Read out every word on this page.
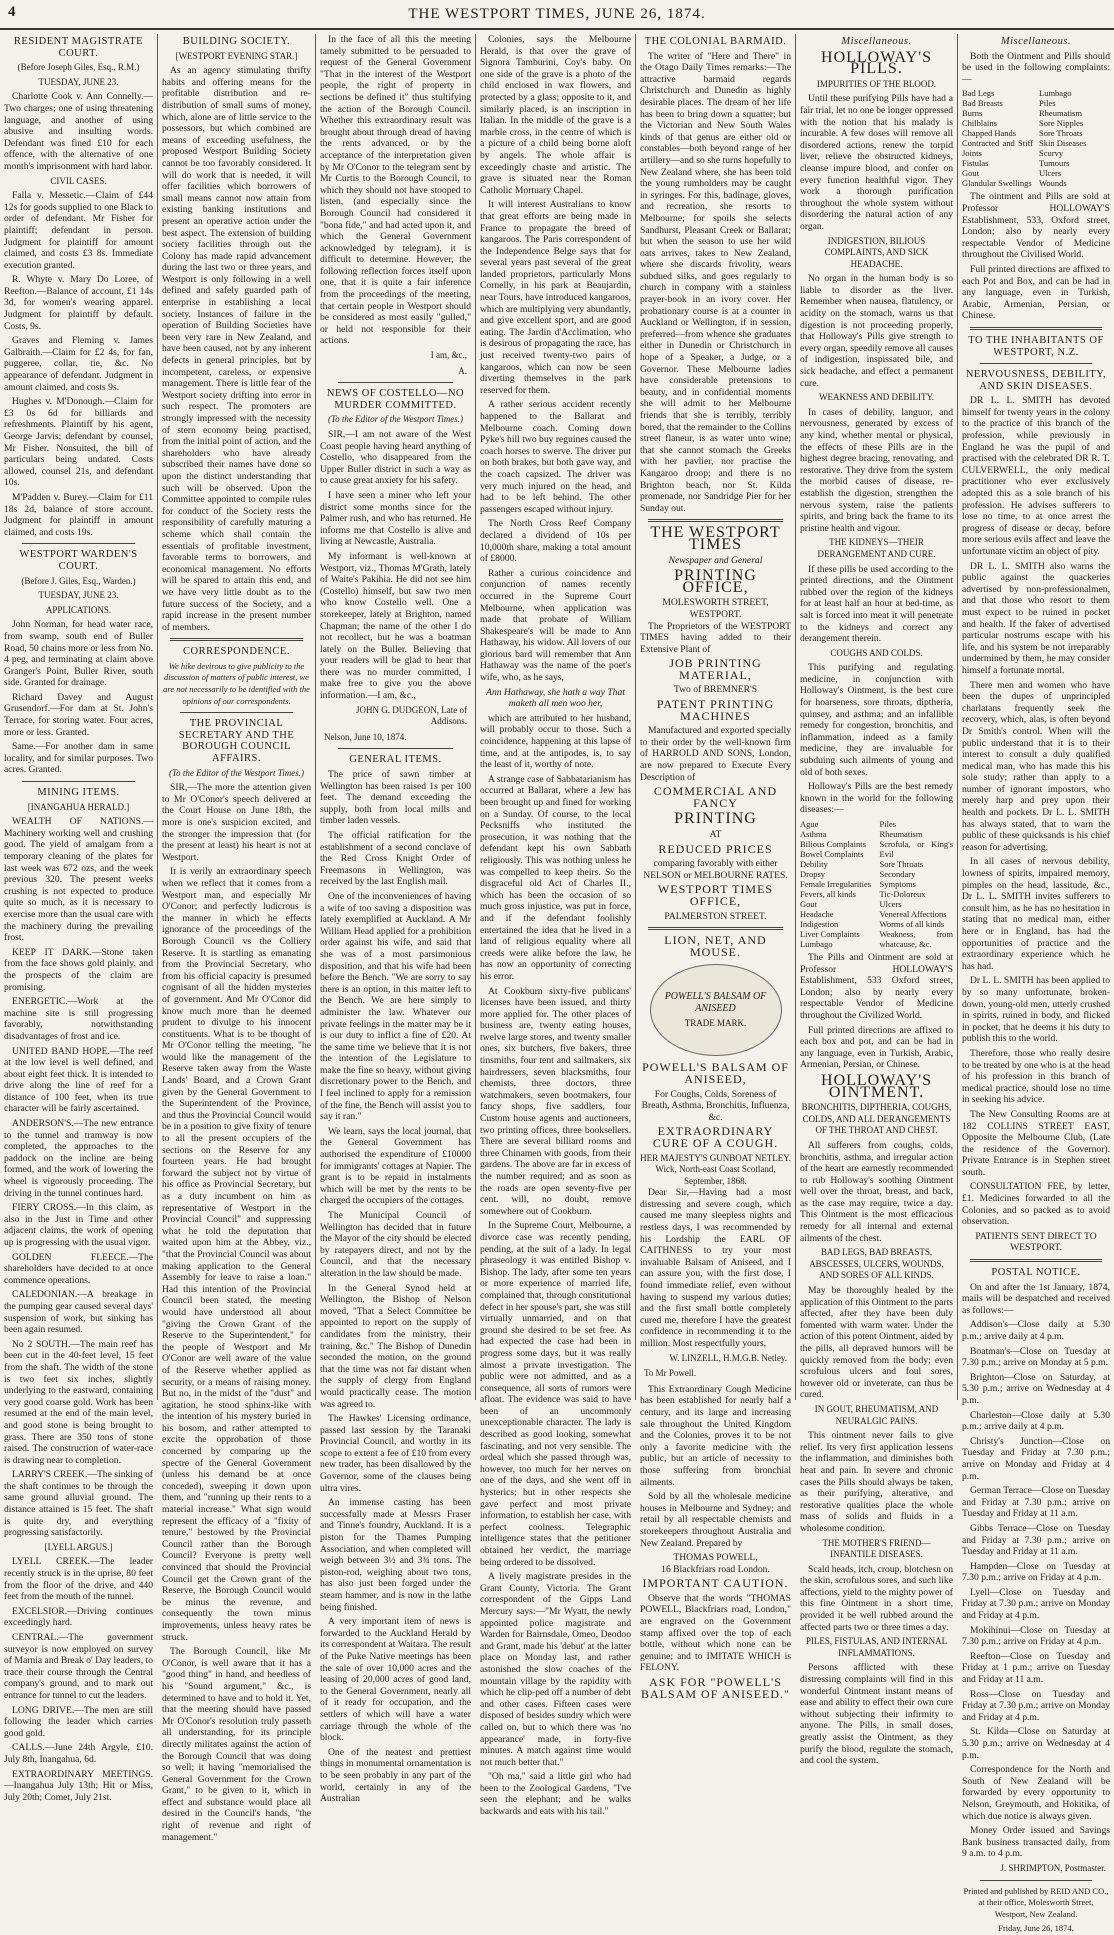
4	THE WESTPORT TIMES, JUNE 26, 1874.
RESIDENT MAGISTRATE COURT.
(Before Joseph Giles, Esq., R.M.)
TUESDAY, JUNE 23.

Charlotte Cook v. Ann Connelly.—Two charges; one of using threatening language, and another of using abusive and insulting words. Defendant was fined £10 for each offence, with the alternative of one month's imprisonment with hard labor.

CIVIL CASES.

Falla v. Messetic.—Claim of £44 12s for goods supplied to one Black to order of defendant. Mr Fisher for plaintiff; defendant in person. Judgment for plaintiff for amount claimed, and costs £3 8s. Immediate execution granted.

R. Whyte v. Mary Do Loree, of Reefton.—Balance of account, £1 14s 3d, for women's wearing apparel. Judgment for plaintiff by default. Costs, 9s.

Graves and Fleming v. James Galbraith.—Claim for £2 4s, for fan, puggeree, collar, tie, &c. No appearance of defendant. Judgment in amount claimed, and costs 9s.

Hughes v. M'Donough.—Claim for £3 0s 6d for billiards and refreshments. Plaintiff by his agent, George Jarvis; defendant by counsel, Mr Fisher. Nonsuited, the bill of particulars being undated. Costs allowed, counsel 21s, and defendant 10s.

M'Padden v. Burey.—Claim for £11 18s 2d, balance of store account. Judgment for plaintiff in amount claimed, and costs 19s.

WESTPORT WARDEN'S COURT.
(Before J. Giles, Esq., Warden.)
TUESDAY, JUNE 23.
APPLICATIONS.

John Norman, for head water race, from swamp, south end of Buller Road, 50 chains more or less from No. 4 peg, and terminating at claim above Granger's Point, Buller River, south side. Granted for drainage.

Richard Davey and August Grusendorf.—For dam at St. John's Terrace, for storing water. Four acres, more or less. Granted.

Same.—For another dam in same locality, and for similar purposes. Two acres. Granted.

MINING ITEMS.
[INANGAHUA HERALD.]

WEALTH OF NATIONS.—Machinery working well and crushing good. The yield of amalgam from a temporary cleaning of the plates for last week was 672 ozs, and the week previous 320. The present weeks crushing is not expected to produce quite so much, as it is necessary to exercise more than the usual care with the machinery during the prevailing frost.

KEEP IT DARK.—Stone taken from the face shows gold plainly, and the prospects of the claim are promising.

ENERGETIC.—Work at the machine site is still progressing favorably, notwithstanding disadvantages of frost and ice.

UNITED BAND HOPE.—The reef at the low level is well defined, and about eight feet thick. It is intended to drive along the line of reef for a distance of 100 feet, when its true character will be fairly ascertained.

ANDERSON'S.—The new entrance to the tunnel and tramway is now completed, the approaches to the paddock on the incline are being formed, and the work of lowering the wheel is vigorously proceeding. The driving in the tunnel continues hard.

FIERY CROSS.—In this claim, as also in the Just in Time and other adjacent claims, the work of opening up is progressing with the usual vigor.

GOLDEN FLEECE.—The shareholders have decided to at once commence operations.

CALEDONIAN.—A breakage in the pumping gear caused several days' suspension of work, but sinking has been again resumed.

No 2 SOUTH.—The main reef has been cut in the 40-feet level, 15 feet from the shaft. The width of the stone is two feet six inches, slightly underlying to the eastward, containing very good coarse gold. Work has been resumed at the end of the main level, and good stone is being brought to grass. There are 350 tons of stone raised. The construction of water-race is drawing near to completion.

LARRY'S CREEK.—The sinking of the shaft continues to be through the same ground alluvial ground. The distance attained is 15 feet. The shaft is quite dry, and everything progressing satisfactorily.

[LYELL ARGUS.]

LYELL CREEK.—The leader recently struck is in the uprise, 80 feet from the floor of the drive, and 440 feet from the mouth of the tunnel.

EXCELSIOR.—Driving continues exceedingly hard.

CENTRAL.—The government surveyor is now employed on survey of Marnia and Break o' Day leaders, to trace their course through the Central company's ground, and to mark out entrance for tunnel to cut the leaders.

LONG DRIVE.—The men are still following the leader which carries good gold.

CALLS.—June 24th Argyle, £10. July 8th, Inangahua, 6d.

EXTRAORDINARY MEETINGS.—Inangahua July 13th; Hit or Miss, July 20th; Comet, July 21st.

BUILDING SOCIETY.
[WESTPORT EVENING STAR.]

As an agency stimulating thrifty habits and offering means for the profitable distribution and re-distribution of small sums of money, which, alone are of little service to the possessors, but which combined are means of exceeding usefulness, the proposed Westport Building Society cannot be too favorably considered. It will do work that is needed, it will offer facilities which borrowers of small means cannot now attain from existing banking institutions and present an operative action under the best aspect. The extension of building society facilities through out the Colony has made rapid advancement during the last two or three years, and Westport is only following in a well defined and safely guarded path of enterprise in establishing a local society. Instances of failure in the operation of Building Societies have been very rare in New Zealand, and have been caused, not by any inherent defects in general principles, but by incompetent, careless, or expensive management. There is little fear of the Westport society drifting into error in such respect. The promoters are strongly impressed with the necessity of stern economy being practised, from the initial point of action, and the shareholders who have already subscribed their names have done so upon the distinct understanding that such will be observed. Upon the Committee appointed to compile rules for conduct of the Society rests the responsibility of carefully maturing a scheme which shall contain the essentials of profitable investment, favorable terms to borrowers, and economical management. No efforts will be spared to attain this end, and we have very little doubt as to the future success of the Society, and a rapid increase in the present number of members.

CORRESPONDENCE.

We hike devirous to give publicity to the discussion of matters of public interest, we are not necessarily to be identified with the opinions of our correspondents.

THE PROVINCIAL SECRETARY AND THE BOROUGH COUNCIL AFFAIRS.
(To the Editor of the Westport Times.)

SIR,—The more the attention given to Mr O'Conor's speech delivered at the Court House on June 18th, the more is one's suspicion excited, and the stronger the impression that (for the present at least) his heart is not at Westport.

It is verily an extraordinary speech when we reflect that it comes from a Westport man, and especially Mr O'Conor; and perfectly ludicrous is the manner in which he effects ignorance of the proceedings of the Borough Council vs the Colliery Reserve. It is startling as emanating from the Provincial Secretary, who from his official capacity is presumed cognisant of all the hidden mysteries of government. And Mr O'Conor did know much more than he deemed prudent to divulge to his innocent constituents. What is to be thought of Mr O'Conor telling the meeting, "he would like the management of the Reserve taken away from the Waste Lands' Board, and a Crown Grant given by the General Government to the Superintendent of the Province, and thus the Provincial Council would be in a position to give fixity of tenure to all the present occupiers of the sections on the Reserve for any fourteen years. He had brought forward the subject not by virtue of his office as Provincial Secretary, but as a duty incumbent on him as representative of Westport in the Provincial Council" and suppressing what he told the deputation that waited upon him at the Abbey, viz., "that the Provincial Council was about making application to the General Assembly for leave to raise a loan." Had this intention of the Provincial Council been stated, the meeting would have understood all about "giving the Crown Grant of the Reserve to the Superintendent," for the people of Westport and Mr O'Conor are well aware of the value of the Reserve whether applied as security, or a means of raising money. But no, in the midst of the "dust" and agitation, he stood sphinx-like with the intention of his mystery buried in his bosom, and rather attempted to excite the opprobation of those concerned by comparing up the spectre of the General Government (unless his demand be at once conceded), sweeping it down upon them, and "running up their rents to a material increase." What sign would represent the efficacy of a "fixity of tenure," bestowed by the Provincial Council rather than the Borough Council? Everyone is pretty well convinced that should the Provincial Council get the Crown grant of the Reserve, the Borough Council would be minus the revenue, and consequently the town minus improvements, unless heavy rates be struck.

The Borough Council, like Mr O'Conor, is well aware that it has a "good thing" in hand, and heedless of his "Sound argument," &c., is determined to have and to hold it. Yet, that the meeting should have passed Mr O'Conor's resolution truly passeth all understanding, for its principle directly militates against the action of the Borough Council that was doing so well; it having "memorialised the General Government for the Crown Grant," to be given to it, which in effect and substance would place all desired in the Council's hands, "the right of revenue and right of management."

In the face of all this the meeting tamely submitted to be persuaded to request of the General Government "That in the interest of the Westport people, the right of property in sections be defined it" thus stultifying the action of the Borough Council. Whether this extraordinary result was brought about through dread of having the rents advanced, or by the acceptance of the interpretation given by Mr O'Conor to the telegram sent by Mr Curtis to the Borough Council, to which they should not have stooped to listen, (and especially since the Borough Council had considered it "bona fide," and had acted upon it, and which the General Government acknowledged by telegram), it is difficult to determine. However, the following reflection forces itself upon one, that it is quite a fair inference from the proceedings of the meeting, that certain people in Westport should be considered as most easily "gulled," or held not responsible for their actions.

I am, &c.,
A.
NEWS OF COSTELLO—NO MURDER COMMITTED.
(To the Editor of the Westport Times.)

SIR,—I am not aware of the West Coast people having heard anything of Costello, who disappeared from the Upper Buller district in such a way as to cause great anxiety for his safety.

I have seen a miner who left your district some months since for the Palmer rush, and who has returned. He informs me that Costello is alive and living at Newcastle, Australia.

My informant is well-known at Westport, viz., Thomas M'Grath, lately of Waite's Pakihia. He did not see him (Costello) himself, but saw two men who know Costello well. One a storekeeper, lately at Brighton, named Chapman; the name of the other I do not recollect, but he was a boatman lately on the Buller. Believing that your readers will be glad to hear that there was no murder committed, I make free to give you the above information.—I am, &c.,

JOHN G. DUDGEON, Late of Addisons.
Nelson, June 10, 1874.
GENERAL ITEMS.

The price of sawn timber at Wellington has been raised 1s per 100 feet. The demand exceeding the supply, both from local mills and timber laden vessels.

The official ratification for the establishment of a second conclave of the Red Cross Knight Order of Freemasons in Wellington, was received by the last English mail.

One of the inconveniences of having a wife of too saving a disposition was lately exemplified at Auckland. A Mr William Head applied for a prohibition order against his wife, and said that she was of a most parsimonious disposition, and that his wife had been before the Bench. "We are sorry to say there is an option, in this matter left to the Bench. We are here simply to administer the law. Whatever our private feelings in the matter may be it is our duty to inflict a fine of £20. At the same time we believe that it is not the intention of the Legislature to make the fine so heavy, without giving discretionary power to the Bench, and I feel inclined to apply for a remission of the fine, the Bench will assist you to say it ran."

We learn, says the local journal, that the General Government has authorised the expenditure of £10000 for immigrants' cottages at Napier. The grant is to be repaid in instalments which will be met by the rents to be charged the occupiers of the cottages.

The Municipal Council of Wellington has decided that in future the Mayor of the city should be elected by ratepayers direct, and not by the Council, and that the necessary alteration in the law should be made.

In the General Synod held at Wellington, the Bishop of Nelson moved, "That a Select Committee be appointed to report on the supply of candidates from the ministry, their training, &c." The Bishop of Dunedin seconded the motion, on the ground that the time was not far distant when the supply of clergy from England would practically cease. The motion was agreed to.

The Hawkes' Licensing ordinance, passed last session by the Taranaki Provincial Council, and worthy in its scope to extent a fee of £10 from every new trader, has been disallowed by the Governor, some of the clauses being ultra vires.

An immense casting has been successfully made at Messrs Fraser and Tinne's foundry, Auckland. It is a piston for the Thames Pumping Association, and when completed will weigh between 3½ and 3¾ tons. The piston-rod, weighing about two tons, has also just been forged under the steam hammer, and is now in the lathe being finished.

A very important item of news is forwarded to the Auckland Herald by its correspondent at Waitara. The result of the Puke Native meetings has been the sale of over 10,000 acres and the leasing of 20,000 acres of good land, to the General Government, nearly all of it ready for occupation, and the settlers of which will have a water carriage through the whole of the block.

One of the neatest and prettiest things in monumental ornamentation is to be seen probably in any part of the world, certainly in any of the Australian

Colonies, says the Melbourne Herald, is that over the grave of Signora Tamburini, Coy's baby. On one side of the grave is a photo of the child enclosed in wax flowers, and protected by a glass; opposite to it, and similarly placed, is an inscription in Italian. In the middle of the grave is a marble cross, in the centre of which is a picture of a child being borne aloft by angels. The whole affair is exceedingly chaste and artistic. The grave is situated near the Roman Catholic Mortuary Chapel.

It will interest Australians to know that great efforts are being made in France to propagate the breed of kangaroos. The Paris correspondent of the Independence Belge says that for several years past several of the great landed proprietors, particularly Mons Cornelly, in his park at Beaujardin, near Tours, have introduced kangaroos, which are multiplying very abundantly, and give excellent sport, and are good eating. The Jardin d'Acclimation, who is desirous of propagating the race, has just received twenty-two pairs of kangaroos, which can now be seen diverting themselves in the park reserved for them.

A rather serious accident recently happened to the Ballarat and Melbourne coach. Coming down Pyke's hill two buy reguines caused the coach horses to swerve. The driver put on both brakes, but both gave way, and the coach capsized. The driver was very much injured on the head, and had to be left behind. The other passengers escaped without injury.

The North Cross Reef Company declared a dividend of 10s per 10,000th share, making a total amount of £8000.

Rather a curious coincidence and conjunction of names recently occurred in the Supreme Court Melbourne, when application was made that probate of William Shakespeare's will be made to Ann Hathaway, his widow. All lovers of our glorious bard will remember that Ann Hathaway was the name of the poet's wife, who, as he says,

Ann Hathaway, she hath a way That maketh all men woo her,

which are attributed to her husband, will probably occur to those. Such a coincidence, happening at this lapse of time, and at the antipodes, is, to say the least of it, worthy of note.

A strange case of Sabbatarianism has occurred at Ballarat, where a Jew has been brought up and fined for working on a Sunday. Of course, to the local Pecksniffs who instituted the prosecution, it was nothing that the defendant kept his own Sabbath religiously. This was nothing unless he was compelled to keep theirs. So the disgraceful old Act of Charles II., which has been the occasion of so much gross injustice, was put in force, and if the defendant foolishly entertained the idea that he lived in a land of religious equality where all creeds were alike before the law, he has now an opportunity of correcting his error.

At Cookburn sixty-five publicans' licenses have been issued, and thirty more applied for. The other places of business are, twenty eating houses, twelve large stores, and twenty smaller ones, six butchers, five bakers, three tinsmiths, four tent and sailmakers, six hairdressers, seven blacksmiths, four chemists, three doctors, three watchmakers, seven bootmakers, four fancy shops, five saddlers, four Custom house agents and auctioneers, two printing offices, three booksellers. There are several billiard rooms and three Chinamen with goods, from their gardens. The above are far in excess of the number required; and as soon as the roads are open seventy-five per cent. will, no doubt, remove somewhere out of Cookburn.

In the Supreme Court, Melbourne, a divorce case was recently pending, pending, at the suit of a lady. In legal phraseology it was entitled Bishop v. Bishop. The lady, after some ten years or more experience of married life, complained that, through constitutional defect in her spouse's part, she was still virtually unmarried, and on that ground she desired to be set free. As had expected the case had been in progress some days, but it was really almost a private investigation. The public were not admitted, and as a consequence, all sorts of rumors were afloat. The evidence was said to have been of an uncommonly unexceptionable character. The lady is described as good looking, somewhat fascinating, and not very sensible. The ordeal which she passed through was, however, too much for her nerves on one of the days, and she went off in hysterics; but in other respects she gave perfect and most private information, to establish her case, with perfect coolness. Telegraphic intelligence states that the petitioner obtained her verdict, the marriage being ordered to be dissolved.

A lively magistrate presides in the Grant County, Victoria. The Grant correspondent of the Gipps Land Mercury says:—"Mr Wyatt, the newly appointed police magistrate and Warden for Bairnsdale, Omeo, Deodoo and Grant, made his 'debut' at the latter place on Monday last, and rather astonished the slow coaches of the mountain village by the rapidity with which he clip-ped off a number of debt and other cases. Fifteen cases were disposed of besides sundry which were called on, but to which there was 'no appearance' made, in forty-five minutes. A match against time would not much better that."

"Oh ma," said a little girl who had been to the Zoological Gardens, "I've seen the elephant; and he walks backwards and eats with his tail."

THE COLONIAL BARMAID.

The writer of "Here and There" in the Otago Daily Times remarks:—The attractive barmaid regards Christchurch and Dunedin as highly desirable places. The dream of her life has been to bring down a squatter; but the Victorian and New South Wales kinds of that genus are either old or constables—both beyond range of her artillery—and so she turns hopefully to New Zealand where, she has been told the young rumholders may be caught in syringes. For this, badinage, gloves, and recreation, she resorts to Melbourne; for spoils she selects Sandhurst, Pleasant Creek or Ballarat; but when the season to use her wild oats arrives, takes to New Zealand, where she discards frivolity, wears subdued silks, and goes regularly to church in company with a stainless prayer-book in an ivory cover. Her probationary course is at a counter in Auckland or Wellington, if in session, preferred—from whence she graduates either in Dunedin or Christchurch in hope of a Speaker, a Judge, or a Governor. These Melbourne ladies have considerable pretensions to beauty, and in confidential moments she will admit to her Melbourne friends that she is terribly, terribly bored, that the remainder to the Collins street flaneur, is as water unto wine; that she cannot stomach the Greeks with her pavlier, nor practise the Kangaroo droop; and there is no Brighton beach, nor St. Kilda promenade, nor Sandridge Pier for her Sunday out.

THE WESTPORT TIMES
Newspaper and General
PRINTING OFFICE,
MOLESWORTH STREET,
WESTPORT.

The Proprietors of the WESTPORT TIMES having added to their Extensive Plant of

JOB PRINTING MATERIAL,
Two of BREMNER'S
PATENT PRINTING MACHINES

Manufactured and exported specially to their order by the well-known firm of HARROLD AND SONS, London, are now prepared to Execute Every Description of

COMMERCIAL AND FANCY
PRINTING
AT
REDUCED PRICES
comparing favorably with either NELSON or MELBOURNE RATES.
WESTPORT TIMES OFFICE,
PALMERSTON STREET.
LION, NET, AND MOUSE.
POWELL'S BALSAM OF ANISEED
TRADE MARK.
POWELL'S BALSAM OF ANISEED,
For Coughs, Colds, Soreness of Breath, Asthma, Bronchitis, Influenza, &c.
EXTRAORDINARY CURE OF A COUGH.
HER MAJESTY'S GUNBOAT NETLEY. Wick, North-east Coast Scotland, September, 1868.

Dear Sir,—Having had a most distressing and severe cough, which caused me many sleepless nights and restless days, I was recommended by his Lordship the EARL OF CAITHNESS to try your most invaluable Balsam of Aniseed, and I can assure you, with the first dose, I found immediate relief, even without having to suspend my various duties; and the first small bottle completely cured me, therefore I have the greatest confidence in recommending it to the million. Most respectfully yours,

W. LINZELL, H.M.G.B. Netley.
To Mr Powell.

This Extraordinary Cough Medicine has been established for nearly half a century, and its large and increasing sale throughout the United Kingdom and the Colonies, proves it to be not only a favorite medicine with the public, but an article of necessity to those suffering from bronchial ailments.

Sold by all the wholesale medicine houses in Melbourne and Sydney; and retail by all respectable chemists and storekeepers throughout Australia and New Zealand. Prepared by

THOMAS POWELL,
16 Blackfriars road London.
IMPORTANT CAUTION.

Observe that the words "THOMAS POWELL, Blackfriars road, London," are engraved on the Government stamp affixed over the top of each bottle, without which none can be genuine; and to IMITATE WHICH is FELONY.

ASK FOR "POWELL'S BALSAM OF ANISEED."
Miscellaneous.
HOLLOWAY'S PILLS.
IMPURITIES OF THE BLOOD.

Until these purifying Pills have had a fair trial, let no one be longer oppressed with the notion that his malady is incurable. A few doses will remove all disordered actions, renew the torpid liver, relieve the obstructed kidneys, cleanse impure blood, and confer on every function healthful vigor. They work a thorough purification throughout the whole system without disordering the natural action of any organ.

INDIGESTION, BILIOUS COMPLAINTS, AND SICK HEADACHE.

No organ in the human body is so liable to disorder as the liver. Remember when nausea, flatulency, or acidity on the stomach, warns us that digestion is not proceeding properly, that Holloway's Pills give strength to every organ, speedily remove all causes of indigestion, inspissated bile, and sick headache, and effect a permanent cure.

WEAKNESS AND DEBILITY.

In cases of debility, languor, and nervousness, generated by excess of any kind, whether mental or physical, the effects of these Pills are in the highest degree bracing, renovating, and restorative. They drive from the system the morbid causes of disease, re-establish the digestion, strengthen the nervous system, raise the patients spirits, and bring back the frame to its pristine health and vigour.

THE KIDNEYS—THEIR DERANGEMENT AND CURE.

If these pills be used according to the printed directions, and the Ointment rubbed over the region of the kidneys for at least half an hour at bed-time, as salt is forced into meat it will penetrate to the kidneys and correct any derangement therein.

COUGHS AND COLDS.

This purifying and regulating medicine, in conjunction with Holloway's Ointment, is the best cure for hoarseness, sore throats, diptheria, quinsey, and asthma; and an infallible remedy for congestion, bronchitis, and inflammation, indeed as a family medicine, they are invaluable for subduing such ailments of young and old of both sexes.

Holloway's Pills are the best remedy known in the world for the following diseases:—

Ague
Asthma
Bilious Complaints
Bowel Complaints
Debility
Dropsy
Female Irregularities
Fevers, all kinds
Gout
Headache
Indigestion
Liver Complaints
Lumbago
Piles
Rheumatism
Scrofula, or King's Evil
Sore Throats
Secondary Symptoms
Tic-Doloreux
Ulcers
Venereal Affections
Worms of all kinds
Weakness, from whatcause, &c.

The Pills and Ointment are sold at Professor HOLLOWAY'S Establishment, 533 Oxford street, London; also by nearly every respectable Vendor of Medicine throughout the Civilized World.

Full printed directions are affixed to each box and pot, and can be had in any language, even in Turkish, Arabic, Armenian, Persian, or Chinese.

HOLLOWAY'S OINTMENT.
BRONCHITIS, DIPTHERIA, COUGHS, COLDS, AND ALL DERANGEMENTS OF THE THROAT AND CHEST.

All sufferers from coughs, colds, bronchitis, asthma, and irregular action of the heart are earnestly recommended to rub Holloway's soothing Ointment well over the throat, breast, and back, as the case may require, twice a day. This Ointment is the most efficacious remedy for all internal and external ailments of the chest.

BAD LEGS, BAD BREASTS, ABSCESSES, ULCERS, WOUNDS, AND SORES OF ALL KINDS.

May be thoroughly healed by the application of this Ointment to the parts affected, after they have been duly fomented with warm water. Under the action of this potent Ointment, aided by the pills, all depraved humors will be quickly removed from the body; even scrofulous ulcers and foul sores, however old or inveterate, can thus be cured.

IN GOUT, RHEUMATISM, AND NEURALGIC PAINS.

This ointment never fails to give relief. Its very first application lessens the inflammation, and diminishes both heat and pain. In severe and chronic cases the Pills should always be taken, as their purifying, alterative, and restorative qualities place the whole mass of solids and fluids in a wholesome condition.

THE MOTHER'S FRIEND—INFANTILE DISEASES.

Scald heads, itch, croup, blotchesn on the skin, scrofulous sores, and such like affections, yield to the mighty power of this fine Ointment in a short time, provided it be well rubbed around the affected parts two or three times a day.

PILES, FISTULAS, AND INTERNAL INFLAMMATIONS.

Persons afflicted with these distressing complaints will find in this wonderful Ointment instant means of ease and ability to effect their own cure without subjecting their infirmity to anyone. The Pills, in small doses, greatly assist the Ointment, as they purify the blood, regulate the stomach, and cool the system.

Miscellaneous.

Both the Ointment and Pills should be used in the following complaints:—

Bad Legs
Bad Breasts
Burns
Chilblains
Chapped Hands
Contracted and Stiff Joints
Fistulas
Gout
Glandular Swellings
Lumbago
Piles
Rheumatism
Sore Nipples
Sore Throats
Skin Diseases
Scurvy
Tumours
Ulcers
Wounds

The ointment and Pills are sold at Professor HOLLOWAY'S Establishment, 533, Oxford street, London; also by nearly every respectable Vendor of Medicine throughout the Civilised World.

Full printed directions are affixed to each Pot and Box, and can be had in any language, even in Turkish, Arabic, Armenian, Persian, or Chinese.

TO THE INHABITANTS OF WESTPORT, N.Z.
NERVOUSNESS, DEBILITY, AND SKIN DISEASES.

DR L. L. SMITH has devoted himself for twenty years in the colony to the practice of this branch of the profession, while previously in England he was the pupil of and practised with the celebrated DR R. T. CULVERWELL, the only medical practitioner who ever exclusively adopted this as a sole branch of his profession. He advises sufferers to lose no time, to at once arrest the progress of disease or decay, before more serious evils affect and leave the unfortunate victim an object of pity.

DR L. L. SMITH also warns the public against the quackeries advertised by non-professionalmen, and that those who resort to them must expect to be ruined in pocket and health. If the faker of advertised particular nostrums escape with his life, and his system be not irreparably undermined by them, he may consider himself a fortunate mortal.

There men and women who have been the dupes of unprincipled charlatans frequently seek the recovery, which, alas, is often beyond Dr Smith's control. When will the public understand that it is to their interest to consult a duly qualified medical man, who has made this his sole study; rather than apply to a number of ignorant impostors, who merely harp and prey upon their health and pockets. Dr L. L. SMITH has always stated, that to warn the public of these quicksands is his chief reason for advertising.

In all cases of nervous debility, lowness of spirits, impaired memory, pimples on the head, lassitude, &c., Dr L. L. SMITH invites sufferers to consult him, as he has no hesitation in stating that no medical man, either here or in England, has had the opportunities of practice and the extraordinary experience which he has had.

Dr L. L. SMITH has been applied to by so many unfortunate, broken-down, young-old men, utterly crushed in spirits, ruined in body, and flicked in pocket, that he deems it his duty to publish this to the world.

Therefore, those who really desire to be treated by one who is at the head of his profession in this branch of medical practice, should lose no time in seeking his advice.

The New Consulting Rooms are at 182 COLLINS STREET EAST, Opposite the Melbourne Club, (Late the residence of the Governor). Private Entrance is in Stephen street south.

CONSULTATION FEE, by letter, £1. Medicines forwarded to all the Colonies, and so packed as to avoid observation.

PATIENTS SENT DIRECT TO WESTPORT.

POSTAL NOTICE.

On and after the 1st January, 1874, mails will be despatched and received as follows:—

Addison's—Close daily at 5.30 p.m.; arrive daily at 4 p.m.

Boatman's—Close on Tuesday at 7.30 p.m.; arrive on Monday at 5 p.m.

Brighton—Close on Saturday, at 5.30 p.m.; arrive on Wednesday at 4 p.m.

Charleston—Close daily at 5.30 p.m.; arrive daily at 4 p.m.

Christy's Junction—Close on Tuesday and Friday at 7.30 p.m.; arrive on Monday and Friday at 4 p.m.

German Terrace—Close on Tuesday and Friday at 7.30 p.m.; arrive on Tuesday and Friday at 11 a.m.

Gibbs Terrace—Close on Tuesday and Friday at 7.30 p.m.; arrive on Tuesday and Friday at 11 a.m.

Hampden—Close on Tuesday at 7.30 p.m.; arrive on Friday at 4 p.m.

Lyell—Close on Tuesday and Friday at 7.30 p.m.; arrive on Monday and Friday at 4 p.m.

Mokihinui—Close on Tuesday at 7.30 p.m.; arrive on Friday at 4 p.m.

Reefton—Close on Tuesday and Friday at 1 p.m.; arrive on Tuesday and Friday at 11 a.m.

Ross—Close on Tuesday and Friday at 7.30 p.m.; arrive on Monday and Friday at 4 p.m.

St. Kilda—Close on Saturday at 5.30 p.m.; arrive on Wednesday at 4 p.m.

Correspondence for the North and South of New Zealand will be forwarded by every opportunity to Nelson, Greymouth, and Hokitika, of which due notice is always given.

Money Order issued and Savings Bank business transacted daily, from 9 a.m. to 4 p.m.

J. SHRIMPTON, Postmaster.

Printed and published by REID AND CO., at their office, Molesworth Street, Westport, New Zealand.

Friday, June 26, 1874.
